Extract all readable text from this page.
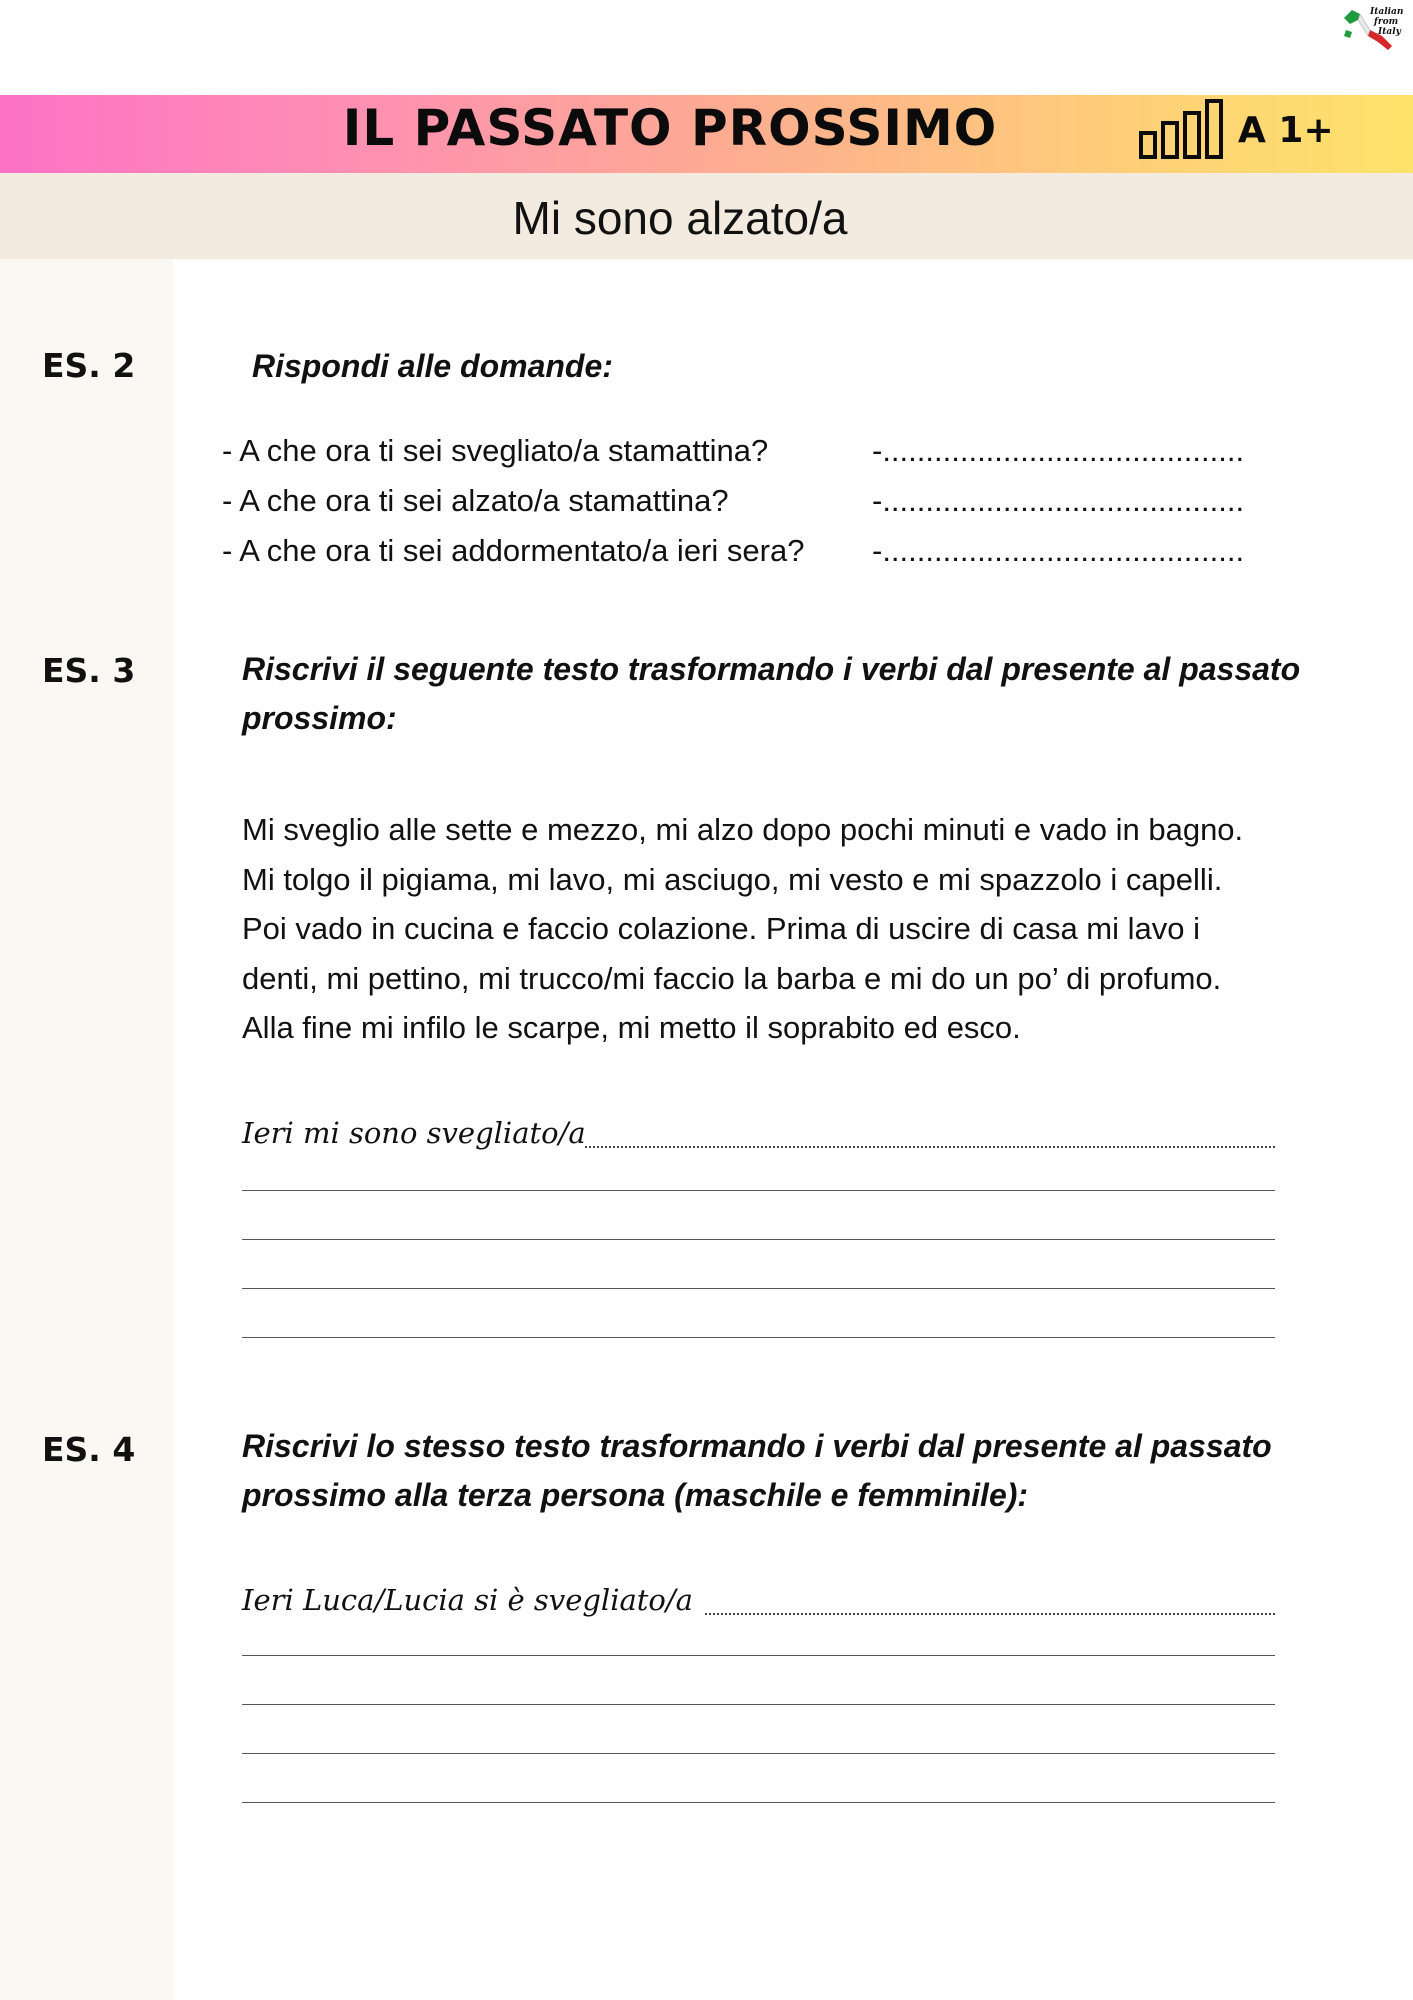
Italian
from
Italy
IL PASSATO PROSSIMO	A 1+
Mi sono alzato/a
ES. 2	Rispondi alle domande:
- A che ora ti sei svegliato/a stamattina?	-..........................................
- A che ora ti sei alzato/a stamattina?	-..........................................
- A che ora ti sei addormentato/a ieri sera? -..........................................
ES. 3	Riscrivi il seguente testo trasformando i verbi dal presente al passato prossimo:
Mi sveglio alle sette e mezzo, mi alzo dopo pochi minuti e vado in bagno.
Mi tolgo il pigiama, mi lavo, mi asciugo, mi vesto e mi spazzolo i capelli.
Poi vado in cucina e faccio colazione. Prima di uscire di casa mi lavo i
denti, mi pettino, mi trucco/mi faccio la barba e mi do un po’ di profumo.
Alla fine mi infilo le scarpe, mi metto il soprabito ed esco.
Ieri mi sono svegliato/a
ES. 4	Riscrivi lo stesso testo trasformando i verbi dal presente al passato prossimo alla terza persona (maschile e femminile):
Ieri Luca/Lucia si è svegliato/a
